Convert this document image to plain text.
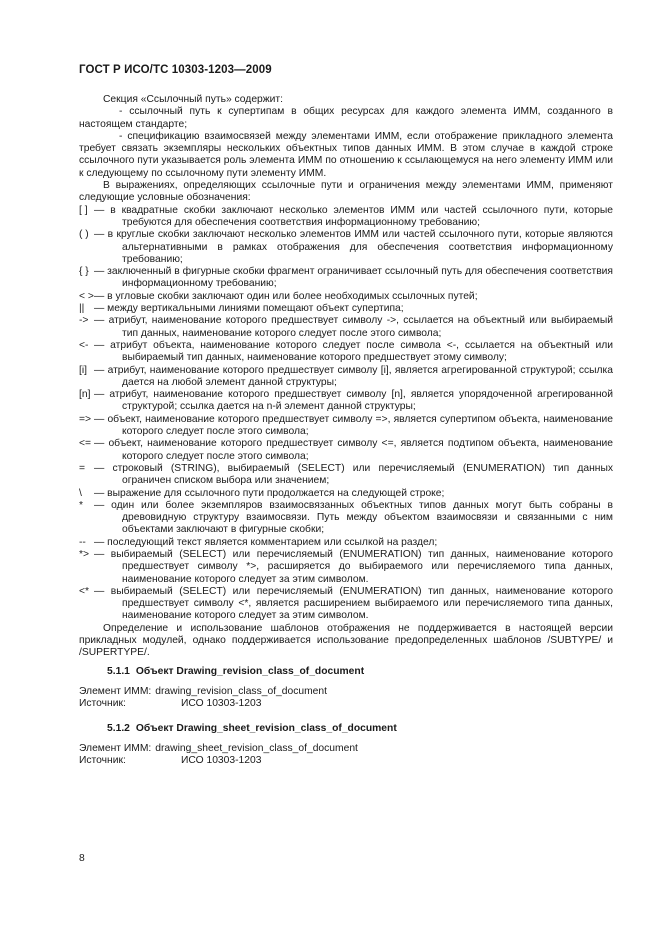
ГОСТ Р ИСО/ТС 10303-1203—2009

Секция «Ссылочный путь» содержит:

- ссылочный путь к супертипам в общих ресурсах для каждого элемента ИММ, созданного в настоящем стандарте;

- спецификацию взаимосвязей между элементами ИММ, если отображение прикладного элемента требует связать экземпляры нескольких объектных типов данных ИММ. В этом случае в каждой строке ссылочного пути указывается роль элемента ИММ по отношению к ссылающемуся на него элементу ИММ или к следующему по ссылочному пути элементу ИММ.

В выражениях, определяющих ссылочные пути и ограничения между элементами ИММ, применяют следующие условные обозначения:

[ ] — в квадратные скобки заключают несколько элементов ИММ или частей ссылочного пути, которые требуются для обеспечения соответствия информационному требованию;
( ) — в круглые скобки заключают несколько элементов ИММ или частей ссылочного пути, которые являются альтернативными в рамках отображения для обеспечения соответствия информационному требованию;
{ } — заключенный в фигурные скобки фрагмент ограничивает ссылочный путь для обеспечения соответствия информационному требованию;
< > — в угловые скобки заключают один или более необходимых ссылочных путей;
|| — между вертикальными линиями помещают объект супертипа;
-> — атрибут, наименование которого предшествует символу ->, ссылается на объектный или выбираемый тип данных, наименование которого следует после этого символа;
<- — атрибут объекта, наименование которого следует после символа <-, ссылается на объектный или выбираемый тип данных, наименование которого предшествует этому символу;
[i] — атрибут, наименование которого предшествует символу [i], является агрегированной структурой; ссылка дается на любой элемент данной структуры;
[n] — атрибут, наименование которого предшествует символу [n], является упорядоченной агрегированной структурой; ссылка дается на n-й элемент данной структуры;
=> — объект, наименование которого предшествует символу =>, является супертипом объекта, наименование которого следует после этого символа;
<= — объект, наименование которого предшествует символу <=, является подтипом объекта, наименование которого следует после этого символа;
= — строковый (STRING), выбираемый (SELECT) или перечисляемый (ENUMERATION) тип данных ограничен списком выбора или значением;
\	— выражение для ссылочного пути продолжается на следующей строке;
*	— один или более экземпляров взаимосвязанных объектных типов данных могут быть собраны в древовидную структуру взаимосвязи. Путь между объектом взаимосвязи и связанными с ним объектами заключают в фигурные скобки;
-- — последующий текст является комментарием или ссылкой на раздел;
*> — выбираемый (SELECT) или перечисляемый (ENUMERATION) тип данных, наименование которого предшествует символу *>, расширяется до выбираемого или перечисляемого типа данных, наименование которого следует за этим символом.
<* — выбираемый (SELECT) или перечисляемый (ENUMERATION) тип данных, наименование которого предшествует символу <*, является расширением выбираемого или перечисляемого типа данных, наименование которого следует за этим символом.

Определение и использование шаблонов отображения не поддерживается в настоящей версии прикладных модулей, однако поддерживается использование предопределенных шаблонов /SUBTYPE/ и /SUPERTYPE/.

5.1.1 Объект Drawing_revision_class_of_document
Элемент ИММ: drawing_revision_class_of_document
Источник:	ИСО 10303-1203
5.1.2 Объект Drawing_sheet_revision_class_of_document
Элемент ИММ: drawing_sheet_revision_class_of_document
Источник:	ИСО 10303-1203
8
